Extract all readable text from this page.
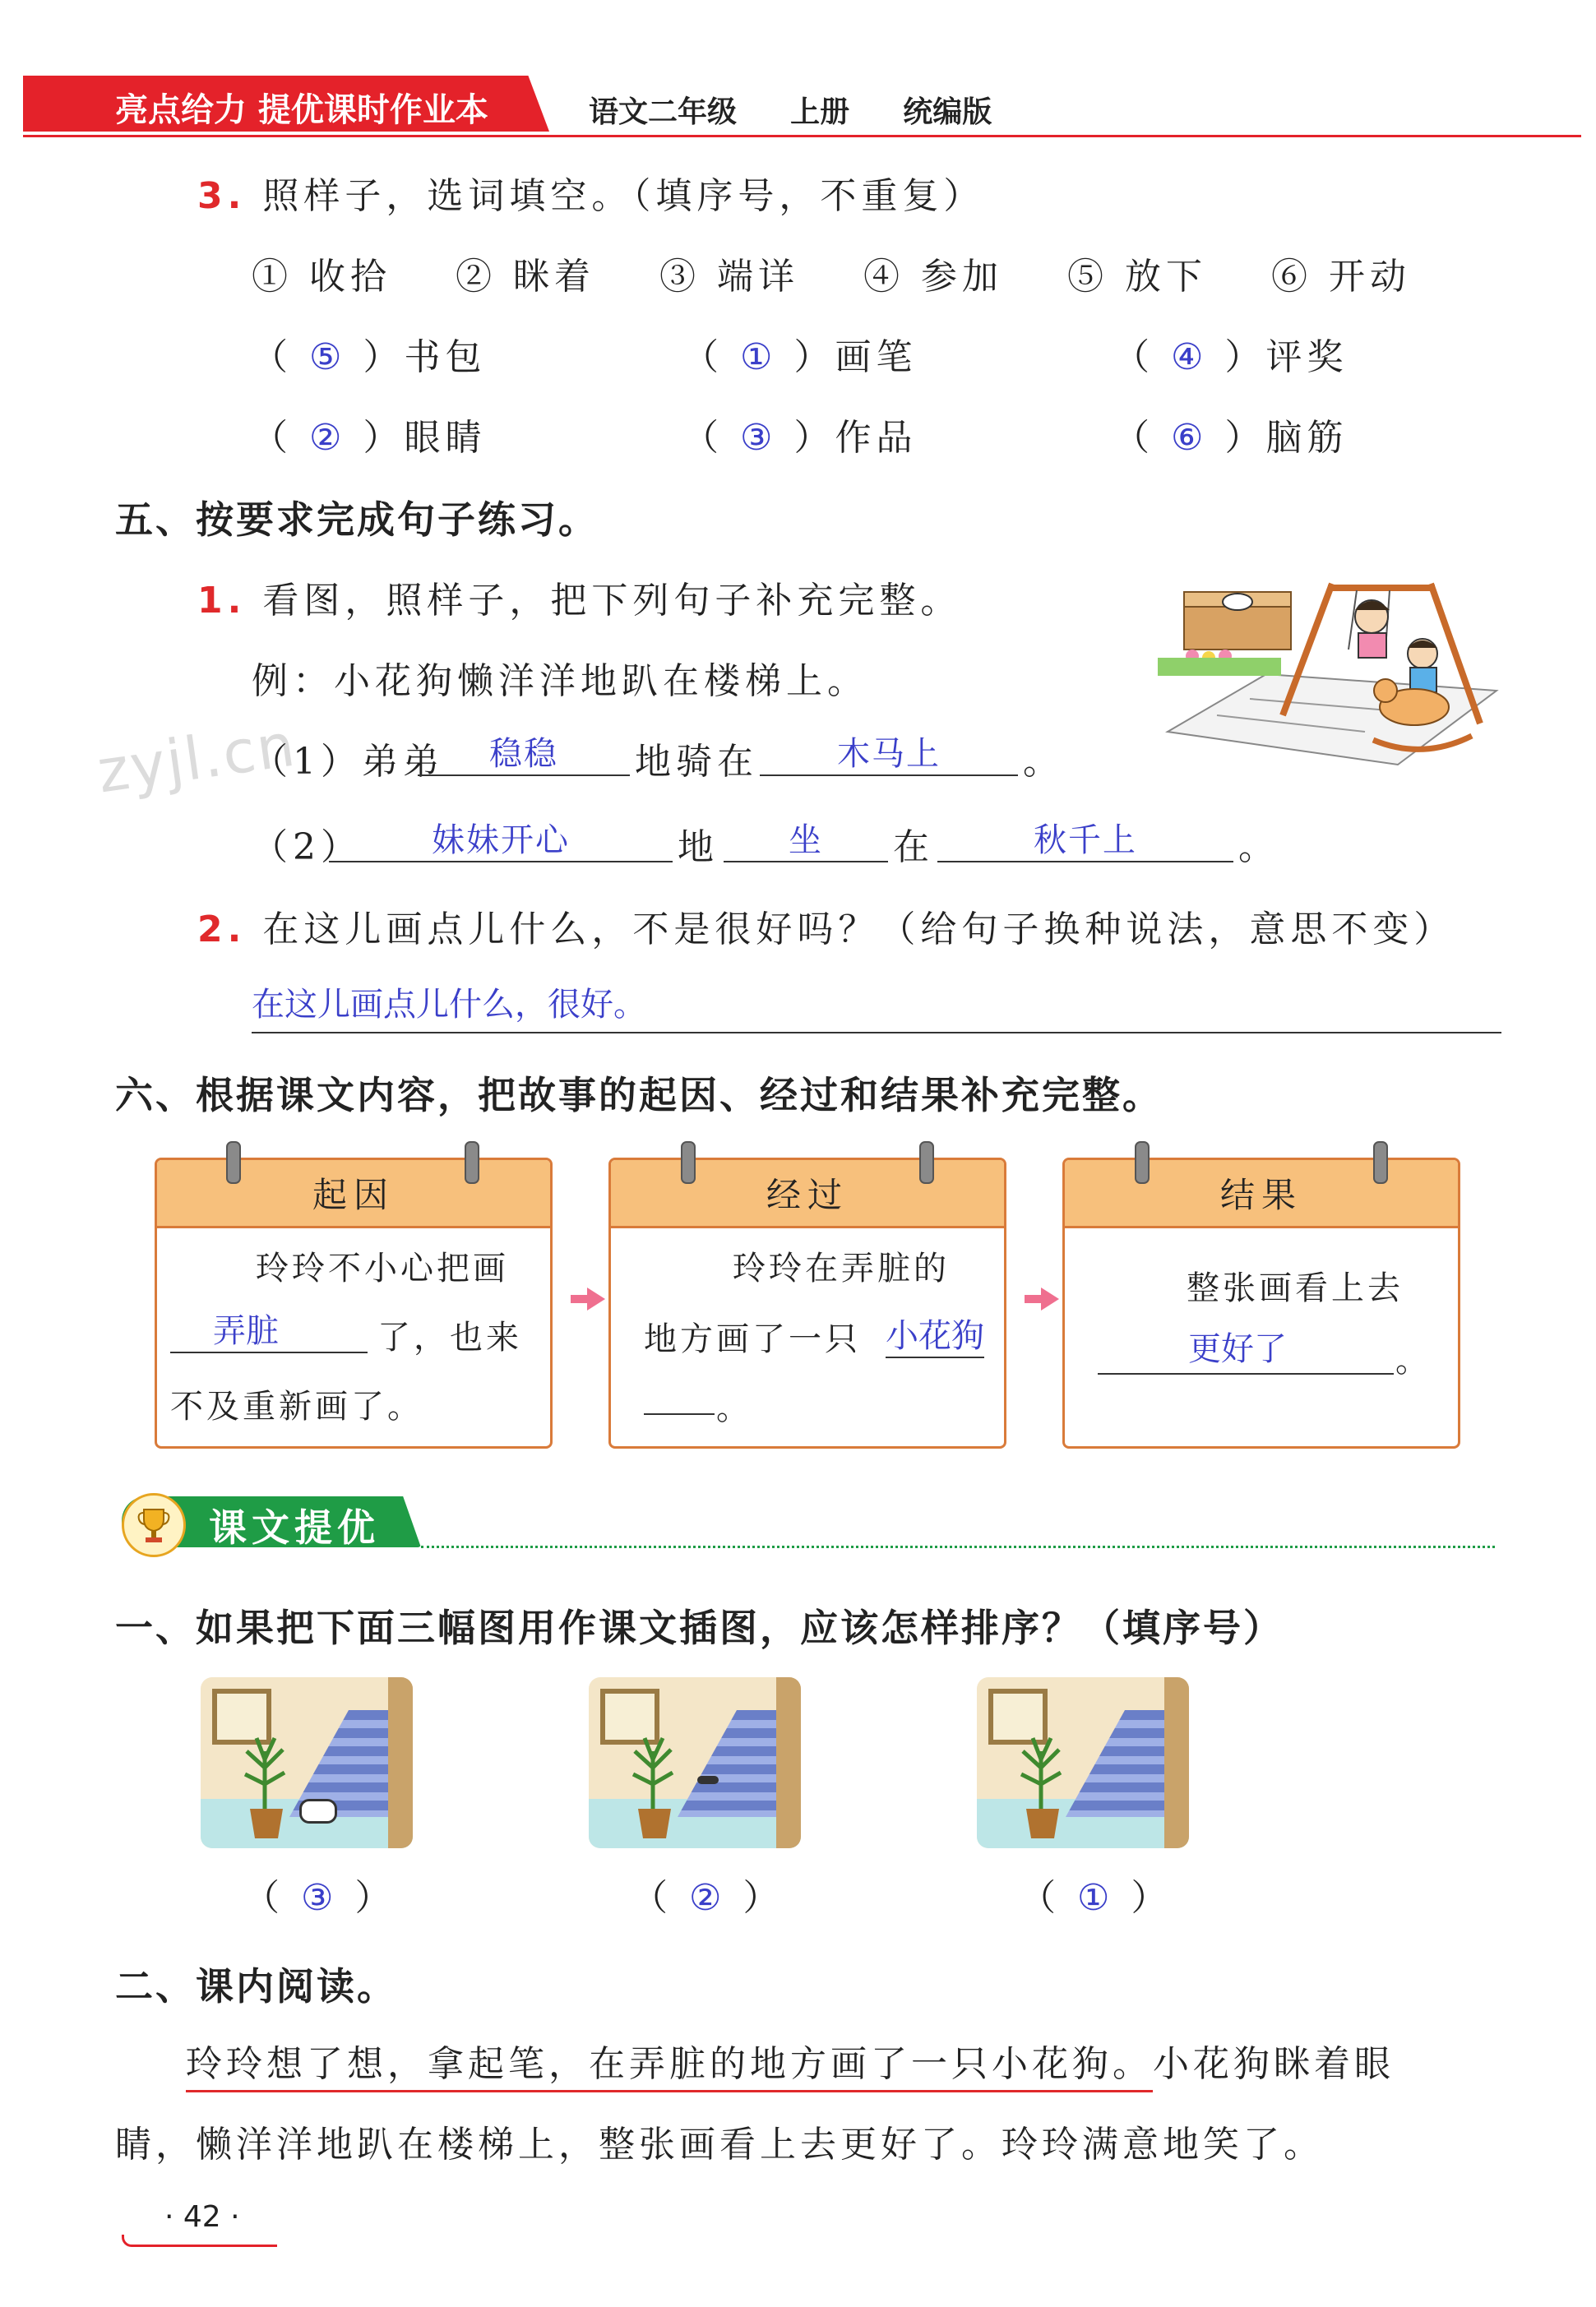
亮点给力 提优课时作业本	语文二年级 上册 统编版
3. 照样子，选词填空。（填序号，不重复）
① 收拾 ② 眯着 ③ 端详 ④ 参加 ⑤ 放下 ⑥ 开动
（ ⑤ ）书包	（ ① ）画笔	（ ④ ）评奖
（ ② ）眼睛	（ ③ ）作品	（ ⑥ ）脑筋
五、按要求完成句子练习。
1. 看图，照样子，把下列句子补充完整。
例：小花狗懒洋洋地趴在楼梯上。
zyjl.cn
（1）弟弟	稳稳	地骑在	木马上	。
（2）	妹妹开心	地	坐	在	秋千上	。
2. 在这儿画点儿什么，不是很好吗？（给句子换种说法，意思不变）
在这儿画点儿什么，很好。
六、根据课文内容，把故事的起因、经过和结果补充完整。
起因
玲玲不小心把画
弄脏	了，也来
不及重新画了。
经过
玲玲在弄脏的
地方画了一只 小花狗
。
结果
整张画看上去
更好了	。
课文提优
一、如果把下面三幅图用作课文插图，应该怎样排序？（填序号）
（ ③ ）	（ ② ）	（ ① ）
二、课内阅读。
玲玲想了想，拿起笔，在弄脏的地方画了一只小花狗。小花狗眯着眼
睛，懒洋洋地趴在楼梯上，整张画看上去更好了。玲玲满意地笑了。
· 42 ·
